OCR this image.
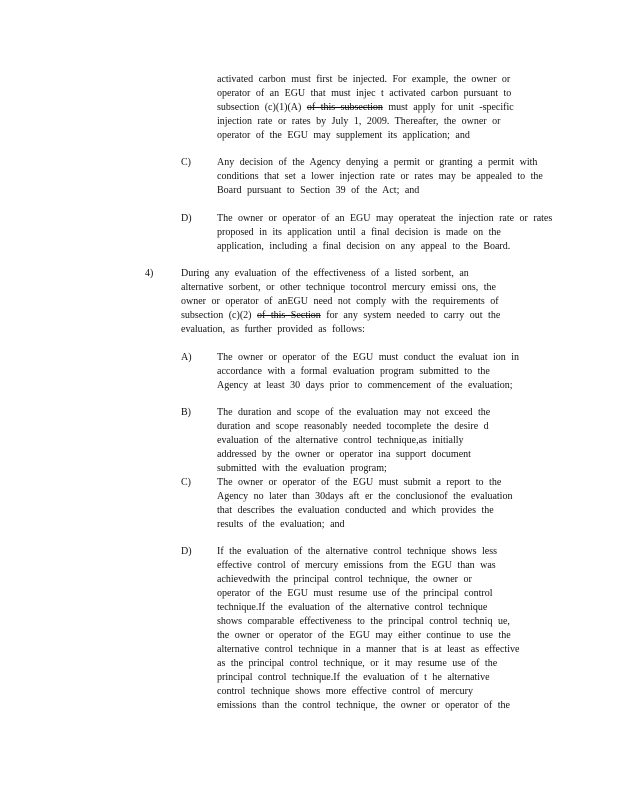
activated carbon must first be injected. For example, the owner or
operator of an EGU that must injec t activated carbon pursuant to
subsection (c)(1)(A) of this subsection must apply for unit -specific
injection rate or rates by July 1, 2009. Thereafter, the owner or
operator of the EGU may supplement its application; and
C)	Any decision of the Agency denying a permit or granting a permit with
conditions that set a lower injection rate or rates may be appealed to the
Board pursuant to Section 39 of the Act; and
D)	The owner or operator of an EGU may operateat the injection rate or rates
proposed in its application until a final decision is made on the
application, including a final decision on any appeal to the Board.
4)	During any evaluation of the effectiveness of a listed sorbent, an
alternative sorbent, or other technique tocontrol mercury emissi ons, the
owner or operator of anEGU need not comply with the requirements of
subsection (c)(2) of this Section for any system needed to carry out the
evaluation, as further provided as follows:
A)	The owner or operator of the EGU must conduct the evaluat ion in
accordance with a formal evaluation program submitted to the
Agency at least 30 days prior to commencement of the evaluation;
B)	The duration and scope of the evaluation may not exceed the
duration and scope reasonably needed tocomplete the desire d
evaluation of the alternative control technique,as initially
addressed by the owner or operator ina support document
submitted with the evaluation program;
C)	The owner or operator of the EGU must submit a report to the
Agency no later than 30days aft er the conclusionof the evaluation
that describes the evaluation conducted and which provides the
results of the evaluation; and
D)	If the evaluation of the alternative control technique shows less
effective control of mercury emissions from the EGU than was
achievedwith the principal control technique, the owner or
operator of the EGU must resume use of the principal control
technique.If the evaluation of the alternative control technique
shows comparable effectiveness to the principal control techniq ue,
the owner or operator of the EGU may either continue to use the
alternative control technique in a manner that is at least as effective
as the principal control technique, or it may resume use of the
principal control technique.If the evaluation of t he alternative
control technique shows more effective control of mercury
emissions than the control technique, the owner or operator of the
